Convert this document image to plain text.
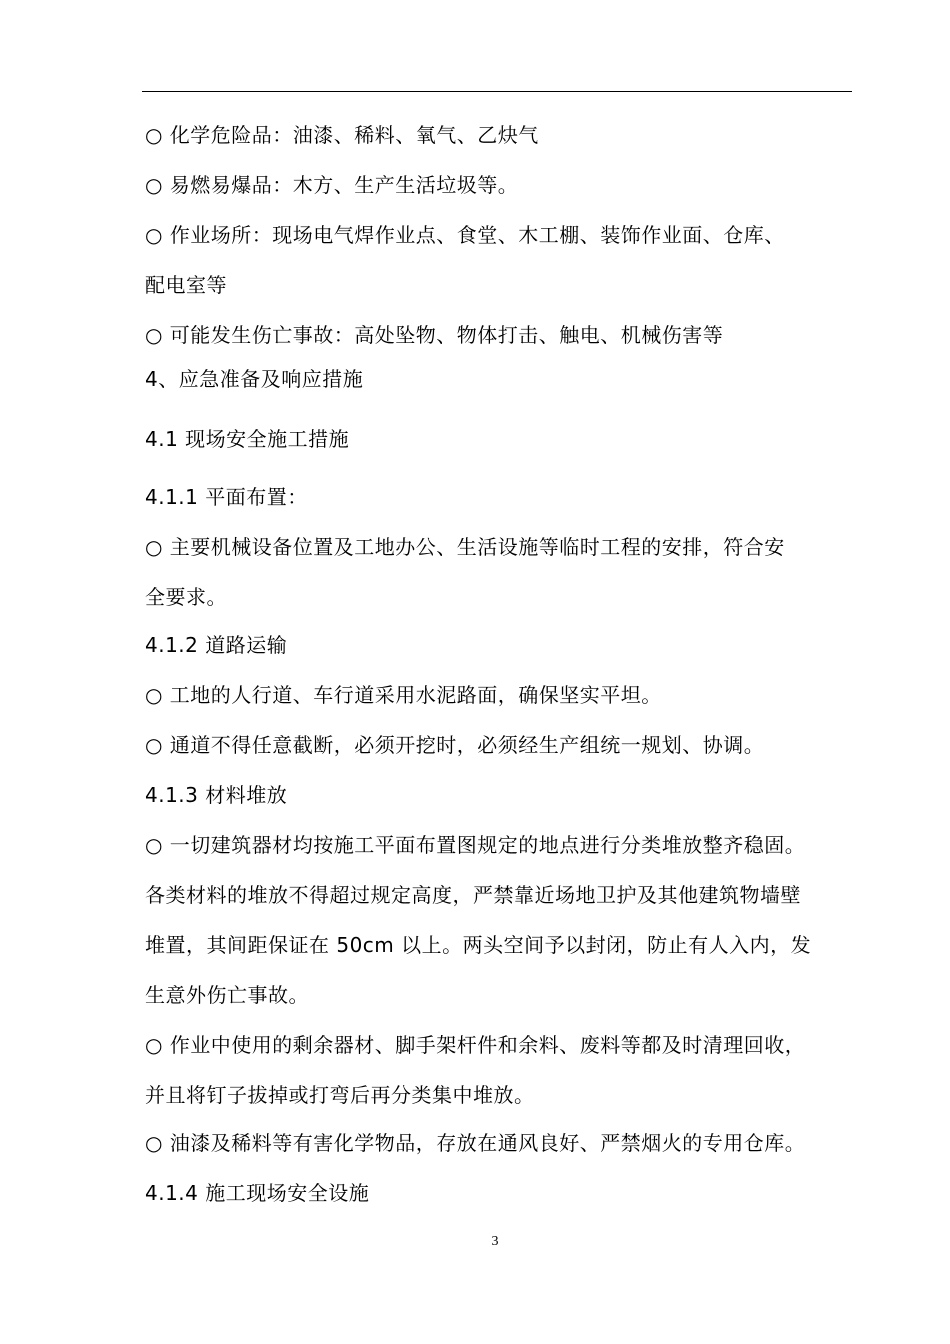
○ 化学危险品：油漆、稀料、氧气、乙炔气
○ 易燃易爆品：木方、生产生活垃圾等。
○ 作业场所：现场电气焊作业点、食堂、木工棚、装饰作业面、仓库、
配电室等
○ 可能发生伤亡事故：高处坠物、物体打击、触电、机械伤害等
4、应急准备及响应措施
4.1 现场安全施工措施
4.1.1 平面布置：
○ 主要机械设备位置及工地办公、生活设施等临时工程的安排，符合安
全要求。
4.1.2 道路运输
○ 工地的人行道、车行道采用水泥路面，确保坚实平坦。
○ 通道不得任意截断，必须开挖时，必须经生产组统一规划、协调。
4.1.3 材料堆放
○ 一切建筑器材均按施工平面布置图规定的地点进行分类堆放整齐稳固。
各类材料的堆放不得超过规定高度，严禁靠近场地卫护及其他建筑物墙壁
堆置，其间距保证在 50cm 以上。两头空间予以封闭，防止有人入内，发
生意外伤亡事故。
○ 作业中使用的剩余器材、脚手架杆件和余料、废料等都及时清理回收，
并且将钉子拔掉或打弯后再分类集中堆放。
○ 油漆及稀料等有害化学物品，存放在通风良好、严禁烟火的专用仓库。
4.1.4 施工现场安全设施
3
